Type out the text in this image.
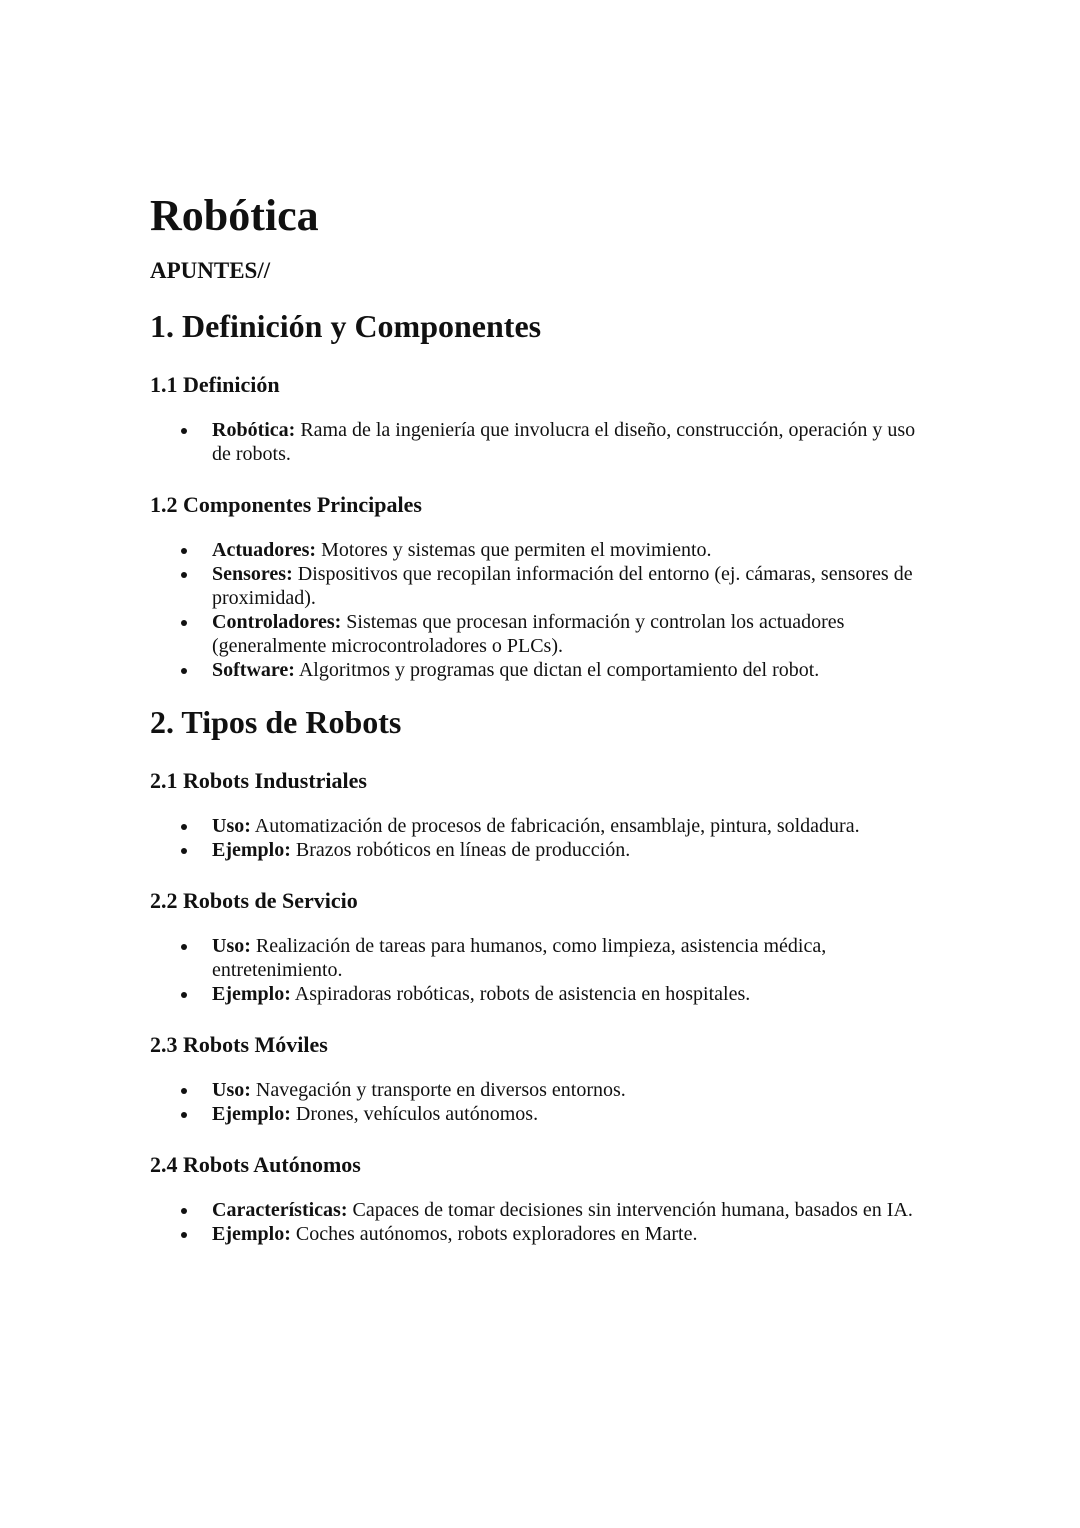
Robótica
APUNTES//
1. Definición y Componentes
1.1 Definición
Robótica: Rama de la ingeniería que involucra el diseño, construcción, operación y uso de robots.
1.2 Componentes Principales
Actuadores: Motores y sistemas que permiten el movimiento.
Sensores: Dispositivos que recopilan información del entorno (ej. cámaras, sensores de proximidad).
Controladores: Sistemas que procesan información y controlan los actuadores (generalmente microcontroladores o PLCs).
Software: Algoritmos y programas que dictan el comportamiento del robot.
2. Tipos de Robots
2.1 Robots Industriales
Uso: Automatización de procesos de fabricación, ensamblaje, pintura, soldadura.
Ejemplo: Brazos robóticos en líneas de producción.
2.2 Robots de Servicio
Uso: Realización de tareas para humanos, como limpieza, asistencia médica, entretenimiento.
Ejemplo: Aspiradoras robóticas, robots de asistencia en hospitales.
2.3 Robots Móviles
Uso: Navegación y transporte en diversos entornos.
Ejemplo: Drones, vehículos autónomos.
2.4 Robots Autónomos
Características: Capaces de tomar decisiones sin intervención humana, basados en IA.
Ejemplo: Coches autónomos, robots exploradores en Marte.
